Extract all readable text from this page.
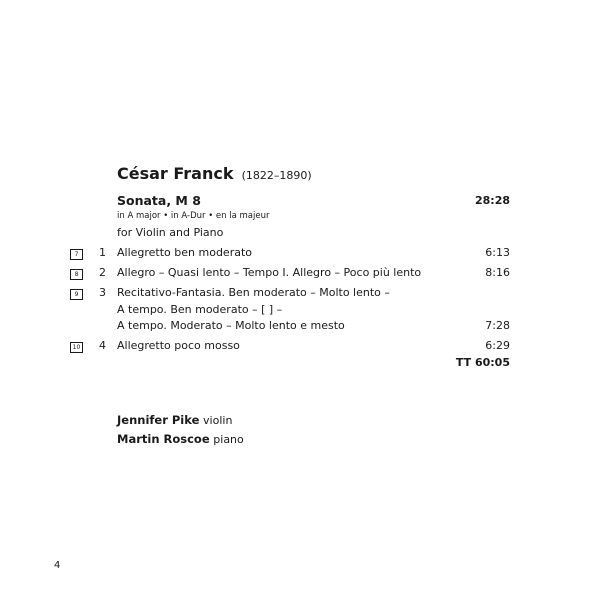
César Franck (1822–1890)
Sonata, M 8	28:28
in A major • in A-Dur • en la majeur
for Violin and Piano
7	1 Allegretto ben moderato	6:13
8	2 Allegro – Quasi lento – Tempo I. Allegro – Poco più lento	8:16
9	3 Recitativo-Fantasia. Ben moderato – Molto lento –
A tempo. Ben moderato – [ ] –
A tempo. Moderato – Molto lento e mesto	7:28
10 4 Allegretto poco mosso	6:29
TT 60:05
Jennifer Pike violin
Martin Roscoe piano
4
